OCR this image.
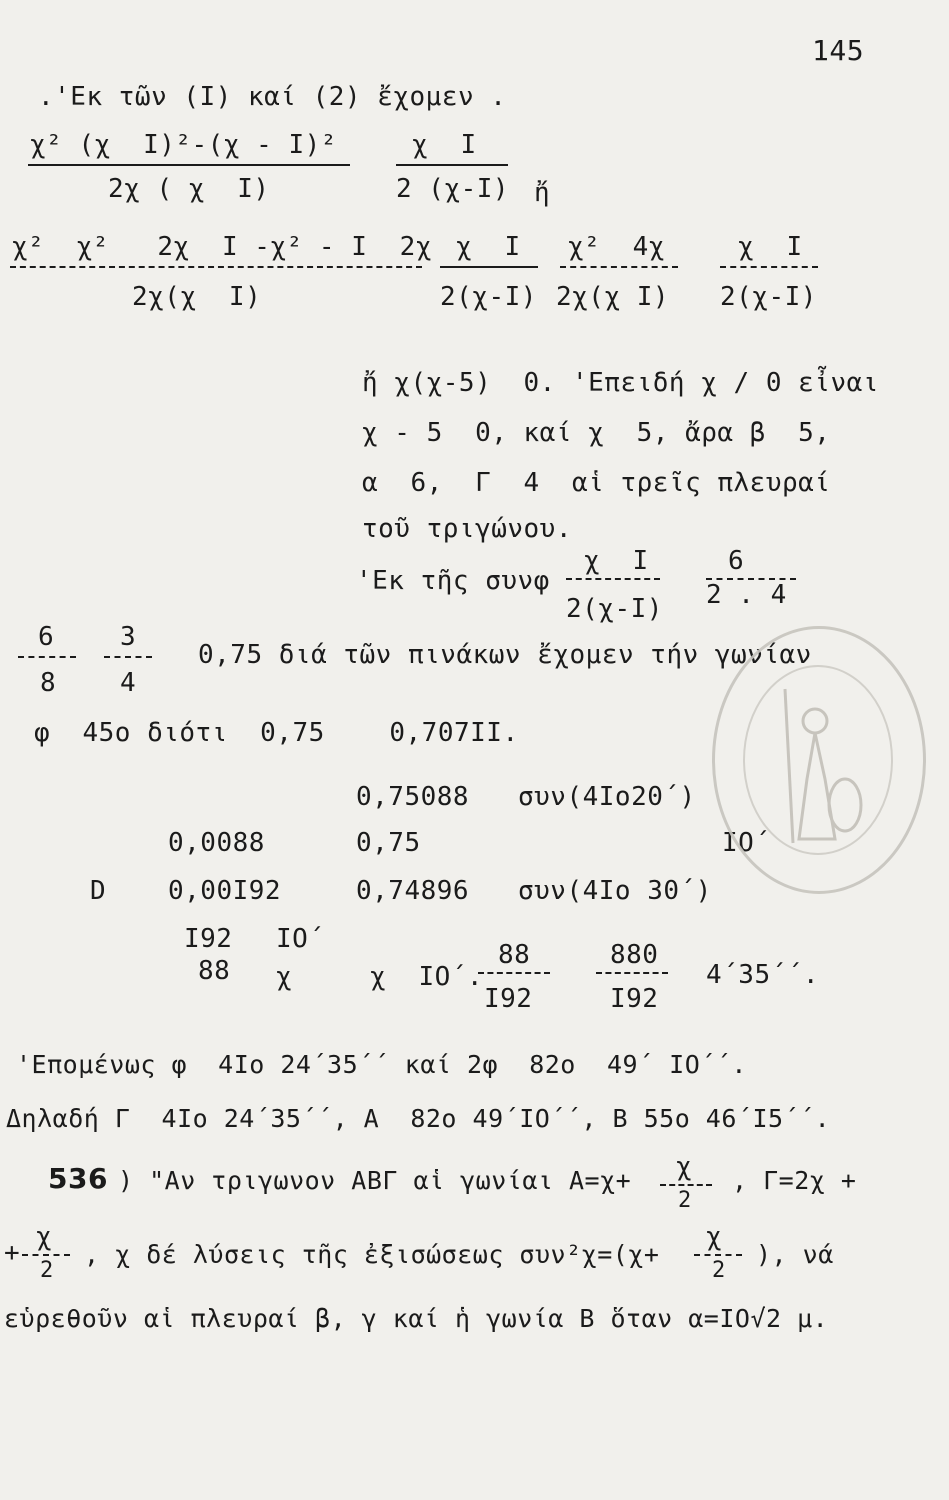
145
.'Εκ τῶν (I) καί (2) ἔχομεν .
χ² (χ  I)²-(χ - I)²
2χ ( χ  I)
χ  I
2 (χ-I) ἤ
χ²  χ²   2χ  I -χ² - I  2χ
2χ(χ  I)
χ  I
2(χ-I)
χ²  4χ
2χ(χ I)
χ  I
2(χ-I)
ἤ χ(χ-5)  0. 'Επειδή χ / 0 εἶναι
χ - 5  0, καί χ  5, ἄρα β  5,
α  6,  Γ  4  αἱ τρεῖς πλευραί
τοῦ τριγώνου.
'Εκ τῆς συνφ
χ  I
2(χ-I)
6
2 . 4
6
8
3
4
0,75 διά τῶν πινάκων ἔχομεν τήν γωνίαν
φ  45ο διότι  0,75    0,707II.
0,75088 συν(4Iο20΄)
0,0088	0,75	IΟ΄
D 0,00I92	0,74896 συν(4Iο 30΄)
I92 IΟ΄
88 χ	χ  IΟ΄.
88
I92
880
I92
4΄35΄΄.
'Επομένως φ  4Iο 24΄35΄΄ καί 2φ  82ο  49΄ IΟ΄΄.
Δηλαδή Γ  4Iο 24΄35΄΄, Α  82ο 49΄IΟ΄΄, Β 55ο 46΄I5΄΄.
536 ) "Αν τριγωνον ΑΒΓ αἱ γωνίαι Α=χ+ χ
2
, Γ=2χ +
+
χ
2
, χ δέ λύσεις τῆς ἐξισώσεως συν²χ=(χ+
χ
2
), νά
εὑρεθοῦν αἱ πλευραί β, γ καί ἡ γωνία Β ὅταν α=IΟ√2 μ.
